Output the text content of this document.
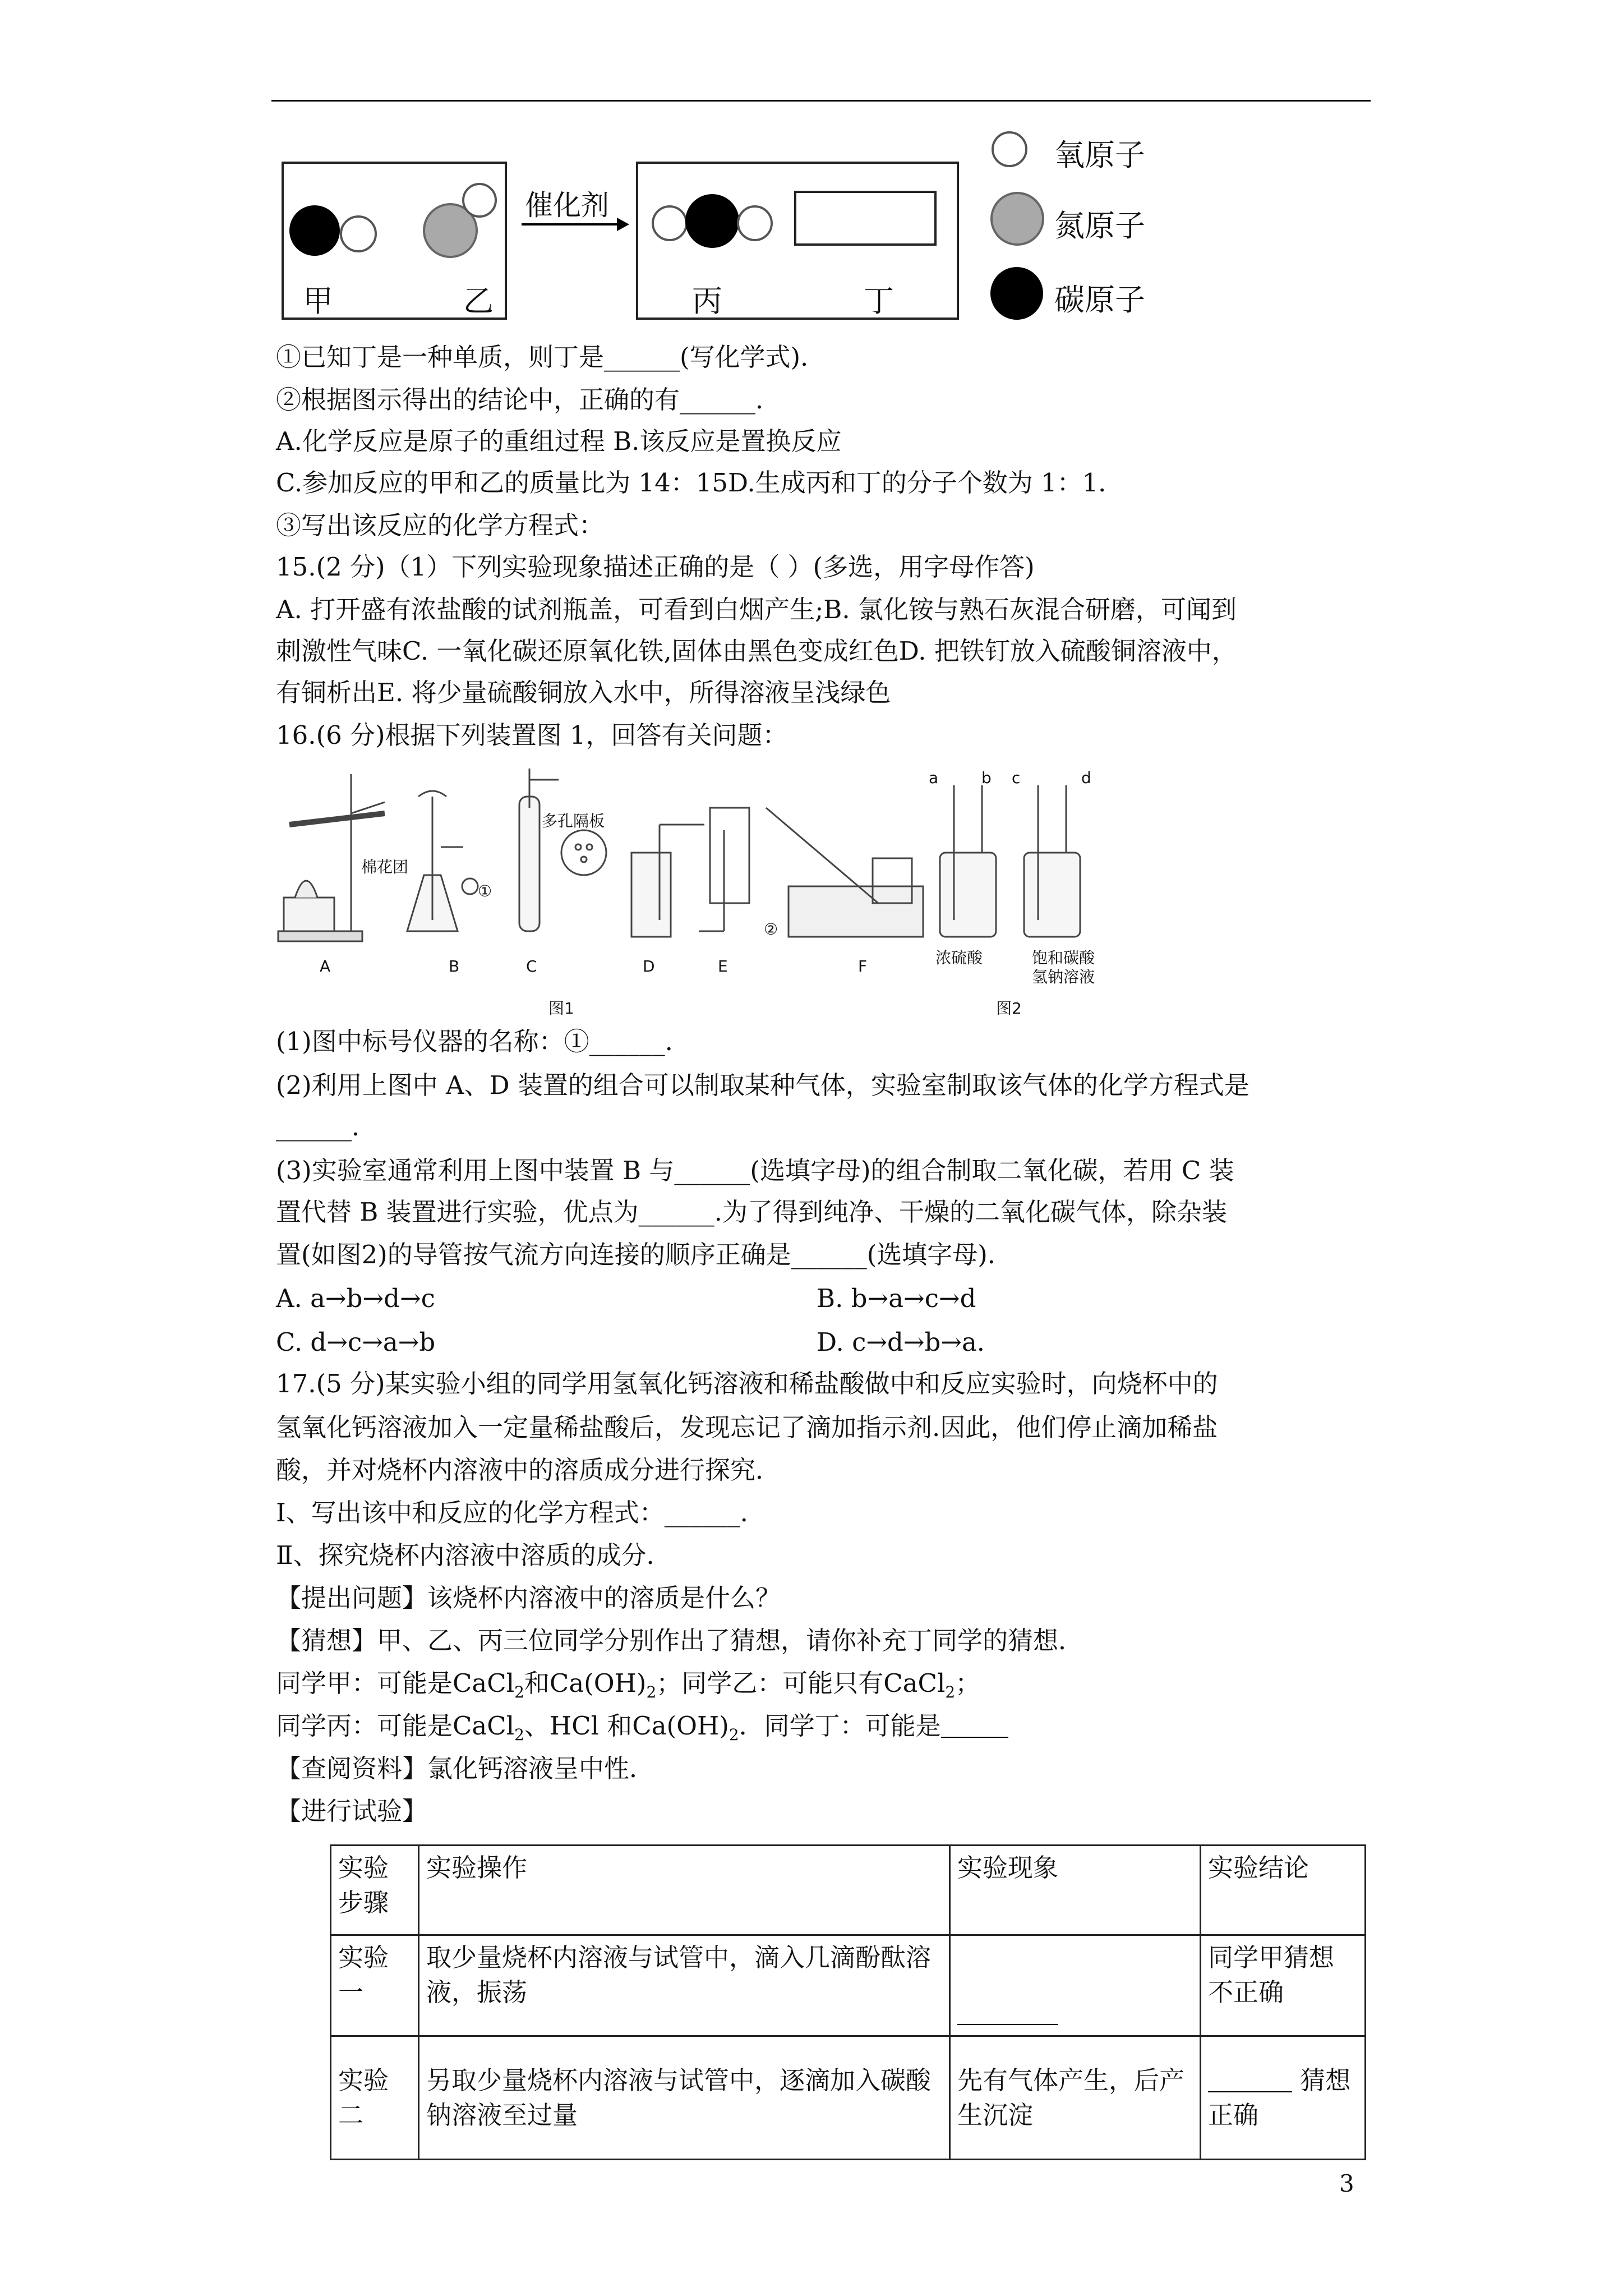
甲	乙
催化剂
丙	丁
氧原子
氮原子
碳原子
①已知丁是一种单质，则丁是______(写化学式)．
②根据图示得出的结论中，正确的有______．
A.化学反应是原子的重组过程 B.该反应是置换反应
C.参加反应的甲和乙的质量比为 14：15D.生成丙和丁的分子个数为 1：1．
③写出该反应的化学方程式：
15.(2 分)（1）下列实验现象描述正确的是（ ）(多选，用字母作答)
A. 打开盛有浓盐酸的试剂瓶盖，可看到白烟产生;B. 氯化铵与熟石灰混合研磨，可闻到
刺激性气味C. 一氧化碳还原氧化铁,固体由黑色变成红色D. 把铁钉放入硫酸铜溶液中，
有铜析出E. 将少量硫酸铜放入水中，所得溶液呈浅绿色
16.(6 分)根据下列装置图 1，回答有关问题：
棉花团
多孔隔板
①
②
A	B	C	D	E	F
a	b c	d
浓硫酸	饱和碳酸
氢钠溶液
图1	图2
(1)图中标号仪器的名称：①______．
(2)利用上图中 A、D 装置的组合可以制取某种气体，实验室制取该气体的化学方程式是
______．
(3)实验室通常利用上图中装置 B 与______(选填字母)的组合制取二氧化碳，若用 C 装
置代替 B 装置进行实验，优点为______.为了得到纯净、干燥的二氧化碳气体，除杂装
置(如图2)的导管按气流方向连接的顺序正确是______(选填字母)．
A. a→b→d→c	B. b→a→c→d
C. d→c→a→b	D. c→d→b→a．
17.(5 分)某实验小组的同学用氢氧化钙溶液和稀盐酸做中和反应实验时，向烧杯中的
氢氧化钙溶液加入一定量稀盐酸后，发现忘记了滴加指示剂.因此，他们停止滴加稀盐
酸，并对烧杯内溶液中的溶质成分进行探究．
Ⅰ、写出该中和反应的化学方程式：______．
Ⅱ、探究烧杯内溶液中溶质的成分．
【提出问题】该烧杯内溶液中的溶质是什么？
【猜想】甲、乙、丙三位同学分别作出了猜想，请你补充丁同学的猜想．
同学甲：可能是CaCl$_2$和$Ca(OH)_2$；同学乙：可能只有CaCl$_2$；
同学丙：可能是CaCl$_2$、HCl 和$Ca(OH)_2$．同学丁：可能是
【查阅资料】氯化钙溶液呈中性．
【进行试验】
实验步骤	实验操作	实验现象	实验结论
实验一	取少量烧杯内溶液与试管中，滴入几滴酚酞溶液，振荡		同学甲猜想不正确
实验二	另取少量烧杯内溶液与试管中，逐滴加入碳酸钠溶液至过量	先有气体产生，后产生沉淀	猜想正确
3
